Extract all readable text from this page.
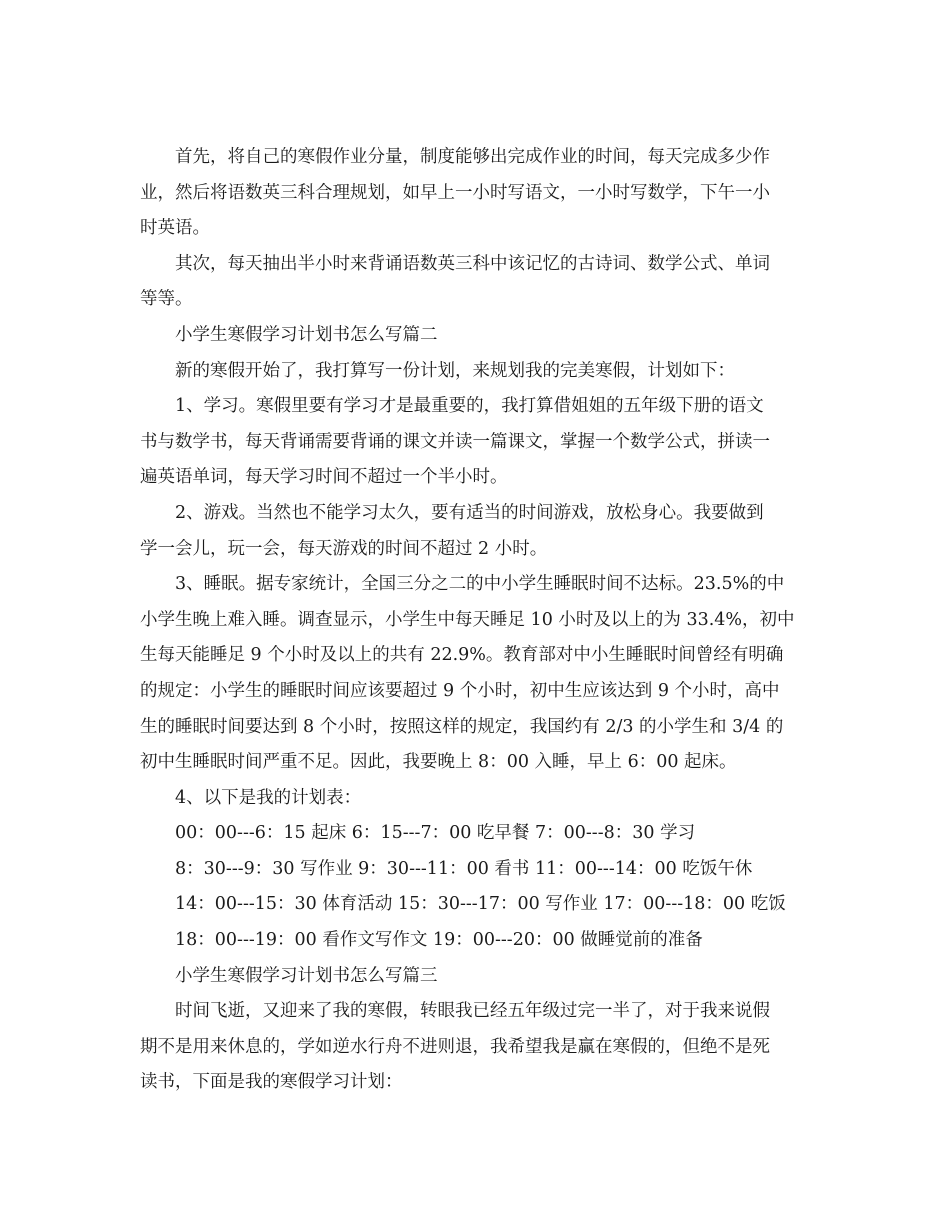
首先，将自己的寒假作业分量，制度能够出完成作业的时间，每天完成多少作
业，然后将语数英三科合理规划，如早上一小时写语文，一小时写数学，下午一小
时英语。
其次，每天抽出半小时来背诵语数英三科中该记忆的古诗词、数学公式、单词
等等。
小学生寒假学习计划书怎么写篇二
新的寒假开始了，我打算写一份计划，来规划我的完美寒假，计划如下：
1、学习。寒假里要有学习才是最重要的，我打算借姐姐的五年级下册的语文
书与数学书，每天背诵需要背诵的课文并读一篇课文，掌握一个数学公式，拼读一
遍英语单词，每天学习时间不超过一个半小时。
2、游戏。当然也不能学习太久，要有适当的时间游戏，放松身心。我要做到
学一会儿，玩一会，每天游戏的时间不超过 2 小时。
3、睡眠。据专家统计，全国三分之二的中小学生睡眠时间不达标。23.5%的中
小学生晚上难入睡。调查显示，小学生中每天睡足 10 小时及以上的为 33.4%，初中
生每天能睡足 9 个小时及以上的共有 22.9%。教育部对中小生睡眠时间曾经有明确
的规定：小学生的睡眠时间应该要超过 9 个小时，初中生应该达到 9 个小时，高中
生的睡眠时间要达到 8 个小时，按照这样的规定，我国约有 2/3 的小学生和 3/4 的
初中生睡眠时间严重不足。因此，我要晚上 8：00 入睡，早上 6：00 起床。
4、以下是我的计划表：
00：00---6：15 起床 6：15---7：00 吃早餐 7：00---8：30 学习
8：30---9：30 写作业 9：30---11：00 看书 11：00---14：00 吃饭午休
14：00---15：30 体育活动 15：30---17：00 写作业 17：00---18：00 吃饭
18：00---19：00 看作文写作文 19：00---20：00 做睡觉前的准备
小学生寒假学习计划书怎么写篇三
时间飞逝，又迎来了我的寒假，转眼我已经五年级过完一半了，对于我来说假
期不是用来休息的，学如逆水行舟不进则退，我希望我是赢在寒假的，但绝不是死
读书，下面是我的寒假学习计划：
